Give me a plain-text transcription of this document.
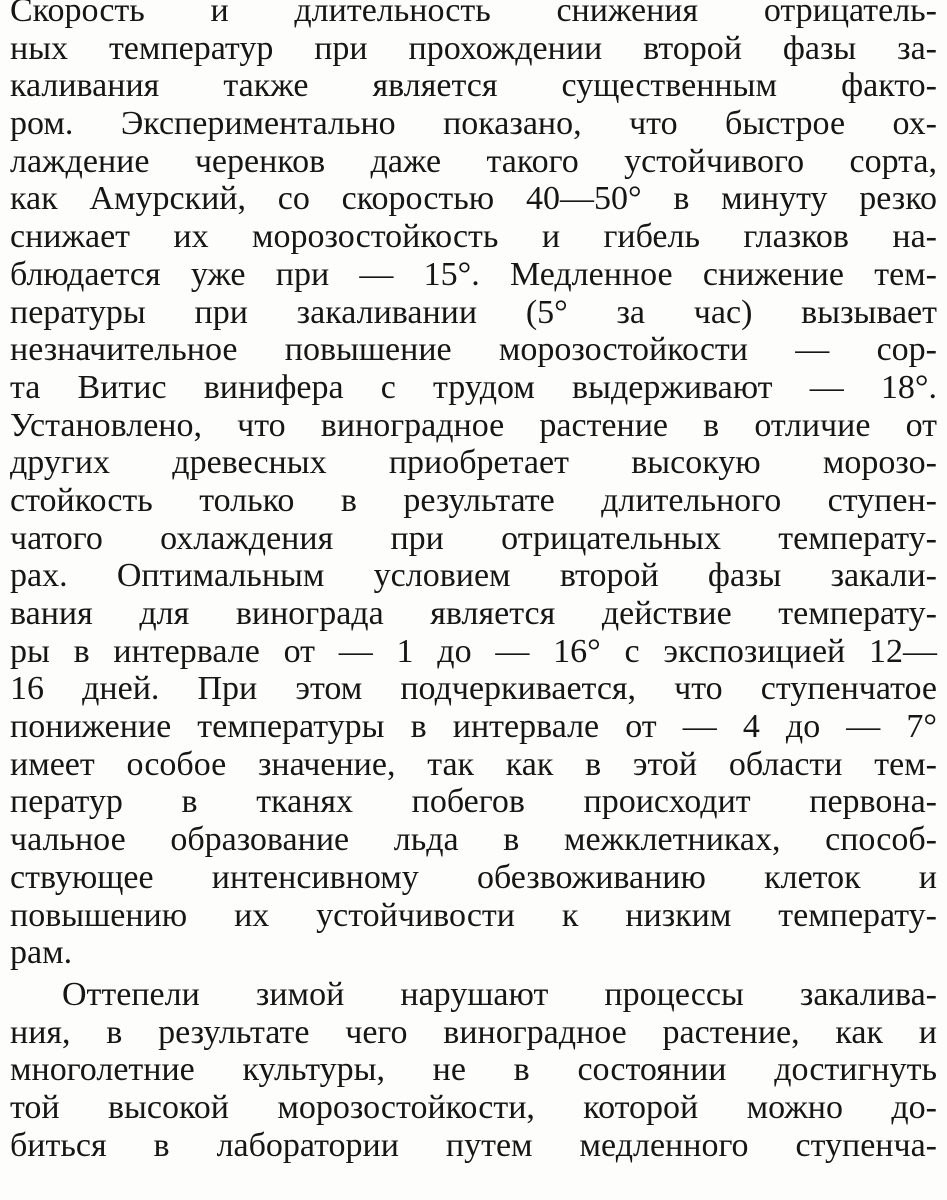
Скорость и длительность снижения отрицатель-
ных температур при прохождении второй фазы за-
каливания также является существенным факто-
ром. Экспериментально показано, что быстрое ох-
лаждение черенков даже такого устойчивого сорта,
как Амурский, со скоростью 40—50° в минуту резко
снижает их морозостойкость и гибель глазков на-
блюдается уже при — 15°. Медленное снижение тем-
пературы при закаливании (5° за час) вызывает
незначительное повышение морозостойкости — сор-
та Витис винифера с трудом выдерживают — 18°.
Установлено, что виноградное растение в отличие от
других древесных приобретает высокую морозо-
стойкость только в результате длительного ступен-
чатого охлаждения при отрицательных температу-
рах. Оптимальным условием второй фазы закали-
вания для винограда является действие температу-
ры в интервале от — 1 до — 16° с экспозицией 12—
16 дней. При этом подчеркивается, что ступенчатое
понижение температуры в интервале от — 4 до — 7°
имеет особое значение, так как в этой области тем-
ператур в тканях побегов происходит первона-
чальное образование льда в межклетниках, способ-
ствующее интенсивному обезвоживанию клеток и
повышению их устойчивости к низким температу-
рам.
Оттепели зимой нарушают процессы закалива-
ния, в результате чего виноградное растение, как и
многолетние культуры, не в состоянии достигнуть
той высокой морозостойкости, которой можно до-
биться в лаборатории путем медленного ступенча-
